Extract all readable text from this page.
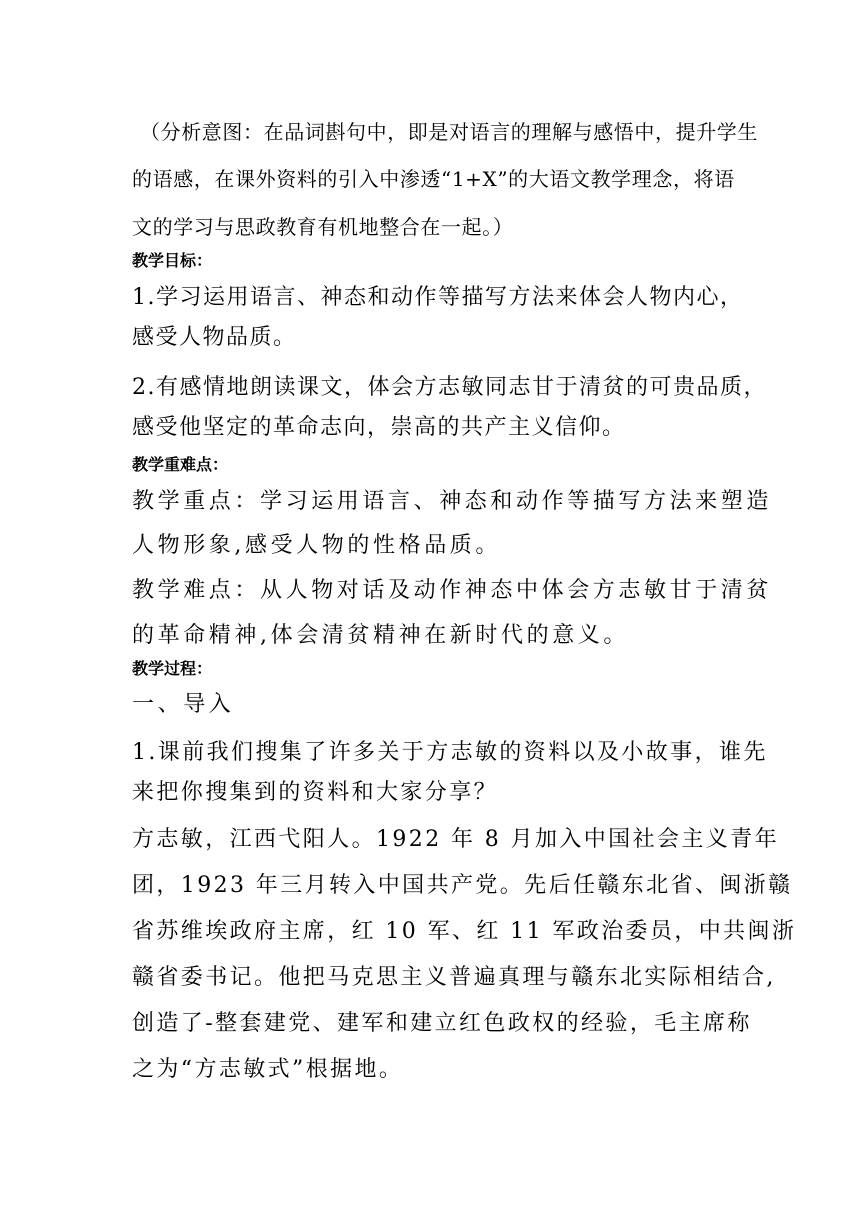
（分析意图：在品词斟句中，即是对语言的理解与感悟中，提升学生
的语感，在课外资料的引入中渗透“1+X”的大语文教学理念，将语
文的学习与思政教育有机地整合在一起。）
教学目标：
1.学习运用语言、神态和动作等描写方法来体会人物内心，
感受人物品质。
2.有感情地朗读课文，体会方志敏同志甘于清贫的可贵品质，
感受他坚定的革命志向，崇高的共产主义信仰。
教学重难点：
教学重点：学习运用语言、神态和动作等描写方法来塑造
人物形象,感受人物的性格品质。
教学难点：从人物对话及动作神态中体会方志敏甘于清贫
的革命精神,体会清贫精神在新时代的意义。
教学过程：
一、导入
1.课前我们搜集了许多关于方志敏的资料以及小故事，谁先
来把你搜集到的资料和大家分享？
方志敏，江西弋阳人。1922 年 8 月加入中国社会主义青年
团，1923 年三月转入中国共产党。先后任赣东北省、闽浙赣
省苏维埃政府主席，红 10 军、红 11 军政治委员，中共闽浙
赣省委书记。他把马克思主义普遍真理与赣东北实际相结合,
创造了-整套建党、建军和建立红色政权的经验，毛主席称
之为“方志敏式”根据地。
